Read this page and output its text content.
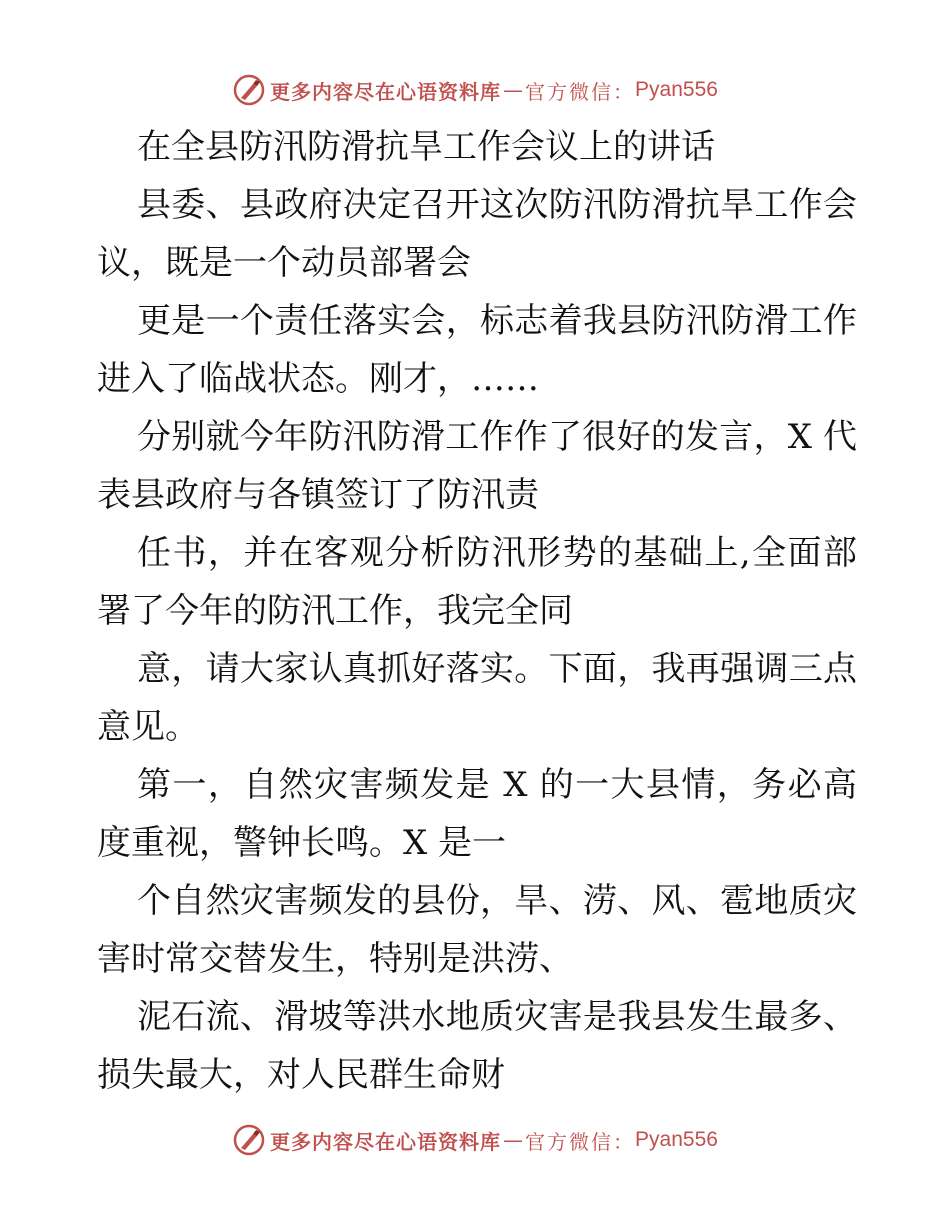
更多内容尽在心语资料库 — 官方微信： Pyan556

在全县防汛防滑抗旱工作会议上的讲话

县委、县政府决定召开这次防汛防滑抗旱工作会议，既是一个动员部署会

更是一个责任落实会，标志着我县防汛防滑工作进入了临战状态。刚才，……

分别就今年防汛防滑工作作了很好的发言，X 代表县政府与各镇签订了防汛责

任书，并在客观分析防汛形势的基础上,全面部署了今年的防汛工作，我完全同

意，请大家认真抓好落实。下面，我再强调三点意见。

第一，自然灾害频发是 X 的一大县情，务必高度重视，警钟长鸣。X 是一

个自然灾害频发的县份，旱、涝、风、雹地质灾害时常交替发生，特别是洪涝、

泥石流、滑坡等洪水地质灾害是我县发生最多、损失最大，对人民群生命财

更多内容尽在心语资料库 — 官方微信： Pyan556
